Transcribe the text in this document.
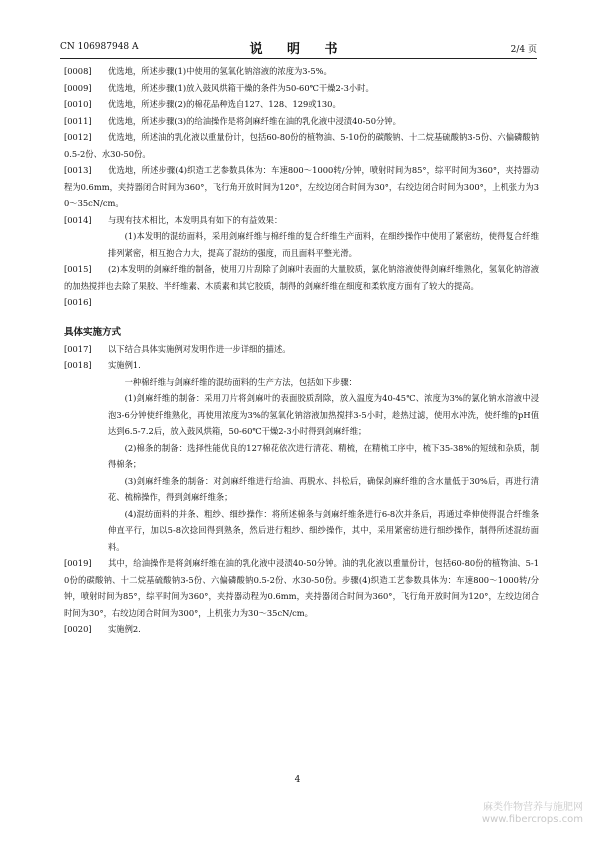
CN 106987948 A	说 明 书	2/4 页

[0008] 优选地，所述步骤(1)中使用的氢氧化钠溶液的浓度为3-5%。

[0009] 优选地，所述步骤(1)放入鼓风烘箱干燥的条件为50-60℃干燥2-3小时。

[0010] 优选地，所述步骤(2)的棉花品种选自127、128、129或130。

[0011] 优选地，所述步骤(3)的给油操作是将剑麻纤维在油的乳化液中浸渍40-50分钟。

[0012] 优选地，所述油的乳化液以重量份计，包括60-80份的植物油、5-10份的碳酸钠、十二烷基硫酸钠3-5份、六偏磷酸钠0.5-2份、水30-50份。

[0013] 优选地，所述步骤(4)织造工艺参数具体为：车速800～1000转/分钟，喷射时间为85°，综平时间为360°，夹持器动程为0.6mm，夹持器闭合时间为360°，飞行角开放时间为120°，左绞边闭合时间为30°，右绞边闭合时间为300°，上机张力为30～35cN/cm。

[0014] 与现有技术相比，本发明具有如下的有益效果：

(1)本发明的混纺面料，采用剑麻纤维与棉纤维的复合纤维生产面料，在细纱操作中使用了紧密纺，使得复合纤维排列紧密，相互抱合力大，提高了混纺的强度，而且面料平整光滑。

[0015] (2)本发明的剑麻纤维的制备，使用刀片刮除了剑麻叶表面的大量胶质，氯化钠溶液使得剑麻纤维熟化，氢氧化钠溶液的加热搅拌也去除了果胶、半纤维素、木质素和其它胶质，制得的剑麻纤维在细度和柔软度方面有了较大的提高。

[0016]

具体实施方式

[0017] 以下结合具体实施例对发明作进一步详细的描述。

[0018] 实施例1.

一种棉纤维与剑麻纤维的混纺面料的生产方法，包括如下步骤：

(1)剑麻纤维的制备：采用刀片将剑麻叶的表面胶质刮除，放入温度为40-45℃、浓度为3%的氯化钠水溶液中浸泡3-6分钟使纤维熟化，再使用浓度为3%的氢氧化钠溶液加热搅拌3-5小时，趁热过滤，使用水冲洗，使纤维的pH值达到6.5-7.2后，放入鼓风烘箱，50-60℃干燥2-3小时得到剑麻纤维；

(2)棉条的制备：选择性能优良的127棉花依次进行清花、精梳，在精梳工序中，梳下35-38%的短绒和杂质，制得棉条；

(3)剑麻纤维条的制备：对剑麻纤维进行给油、再脱水、抖松后，确保剑麻纤维的含水量低于30%后，再进行清花、梳棉操作，得到剑麻纤维条；

(4)混纺面料的并条、粗纱、细纱操作：将所述棉条与剑麻纤维条进行6-8次并条后，再通过牵伸使得混合纤维条伸直平行，加以5-8次捻回得到熟条，然后进行粗纱、细纱操作，其中，采用紧密纺进行细纱操作，制得所述混纺面料。

[0019] 其中，给油操作是将剑麻纤维在油的乳化液中浸渍40-50分钟。油的乳化液以重量份计，包括60-80份的植物油、5-10份的碳酸钠、十二烷基硫酸钠3-5份、六偏磷酸钠0.5-2份、水30-50份。步骤(4)织造工艺参数具体为：车速800～1000转/分钟，喷射时间为85°，综平时间为360°，夹持器动程为0.6mm，夹持器闭合时间为360°，飞行角开放时间为120°，左绞边闭合时间为30°，右绞边闭合时间为300°，上机张力为30～35cN/cm。

[0020] 实施例2.

4
麻类作物营养与施肥网
www.fibercrops.com
